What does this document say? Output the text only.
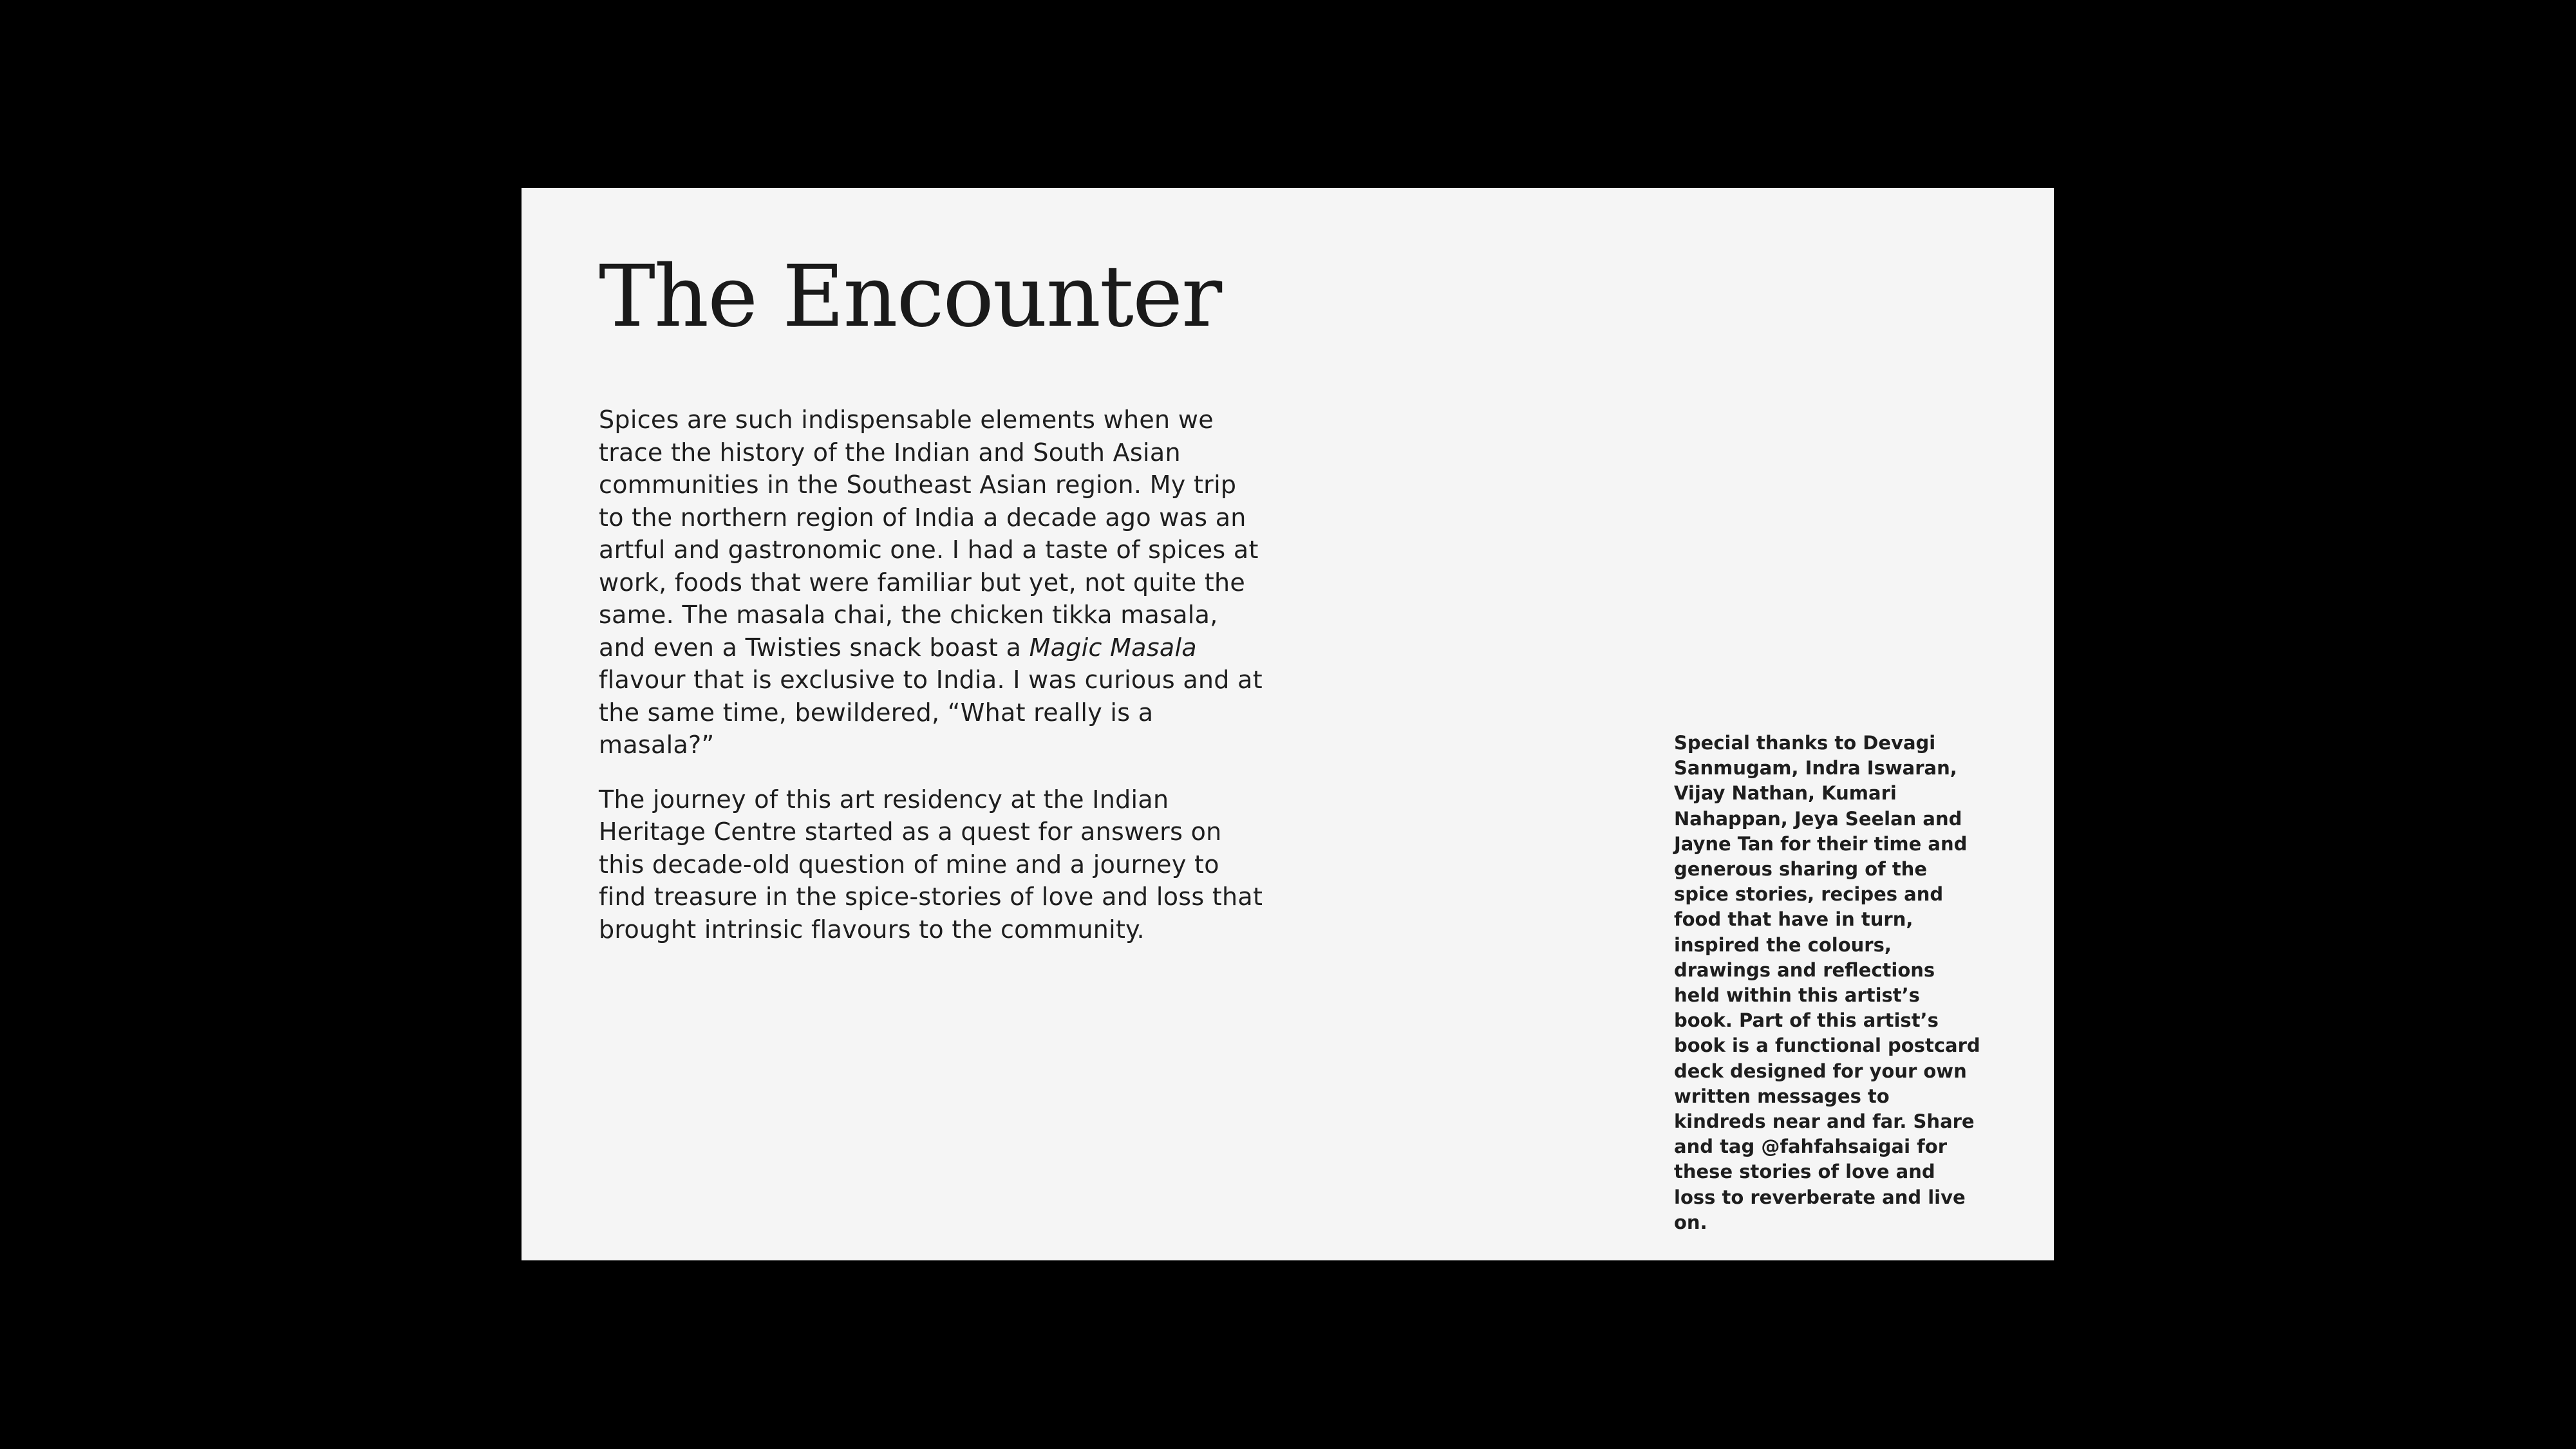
The Encounter

Spices are such indispensable elements when we trace the history of the Indian and South Asian communities in the Southeast Asian region. My trip to the northern region of India a decade ago was an artful and gastronomic one. I had a taste of spices at work, foods that were familiar but yet, not quite the same. The masala chai, the chicken tikka masala, and even a Twisties snack boast a Magic Masala flavour that is exclusive to India. I was curious and at the same time, bewildered, “What really is a masala?”

The journey of this art residency at the Indian Heritage Centre started as a quest for answers on this decade-old question of mine and a journey to find treasure in the spice-stories of love and loss that brought intrinsic flavours to the community.

Special thanks to Devagi Sanmugam, Indra Iswaran, Vijay Nathan, Kumari Nahappan, Jeya Seelan and Jayne Tan for their time and generous sharing of the spice stories, recipes and food that have in turn, inspired the colours, drawings and reflections held within this artist’s book. Part of this artist’s book is a functional postcard deck designed for your own written messages to kindreds near and far. Share and tag @fahfahsaigai for these stories of love and loss to reverberate and live on.
